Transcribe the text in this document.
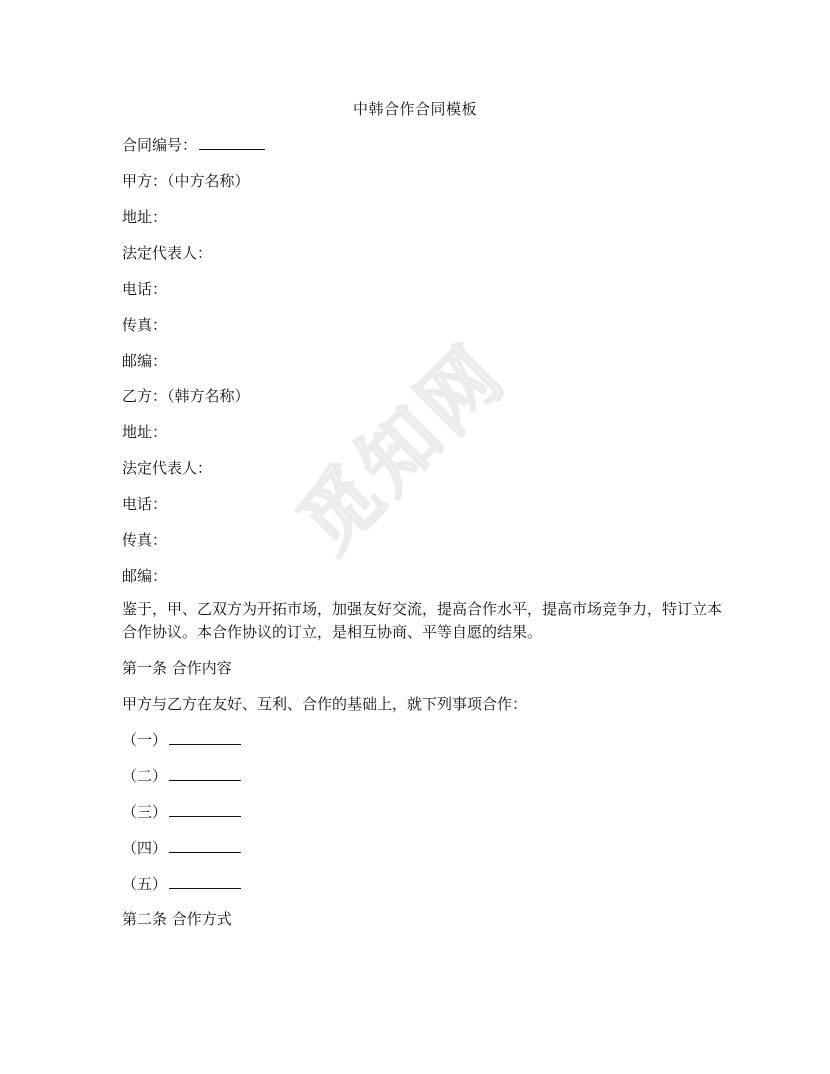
觅知网
中韩合作合同模板
合同编号：
甲方：（中方名称）
地址：
法定代表人：
电话：
传真：
邮编：
乙方：（韩方名称）
地址：
法定代表人：
电话：
传真：
邮编：
鉴于，甲、乙双方为开拓市场，加强友好交流，提高合作水平，提高市场竞争力，特订立本合作协议。本合作协议的订立，是相互协商、平等自愿的结果。
第一条 合作内容
甲方与乙方在友好、互利、合作的基础上，就下列事项合作：
（一）
（二）
（三）
（四）
（五）
第二条 合作方式
